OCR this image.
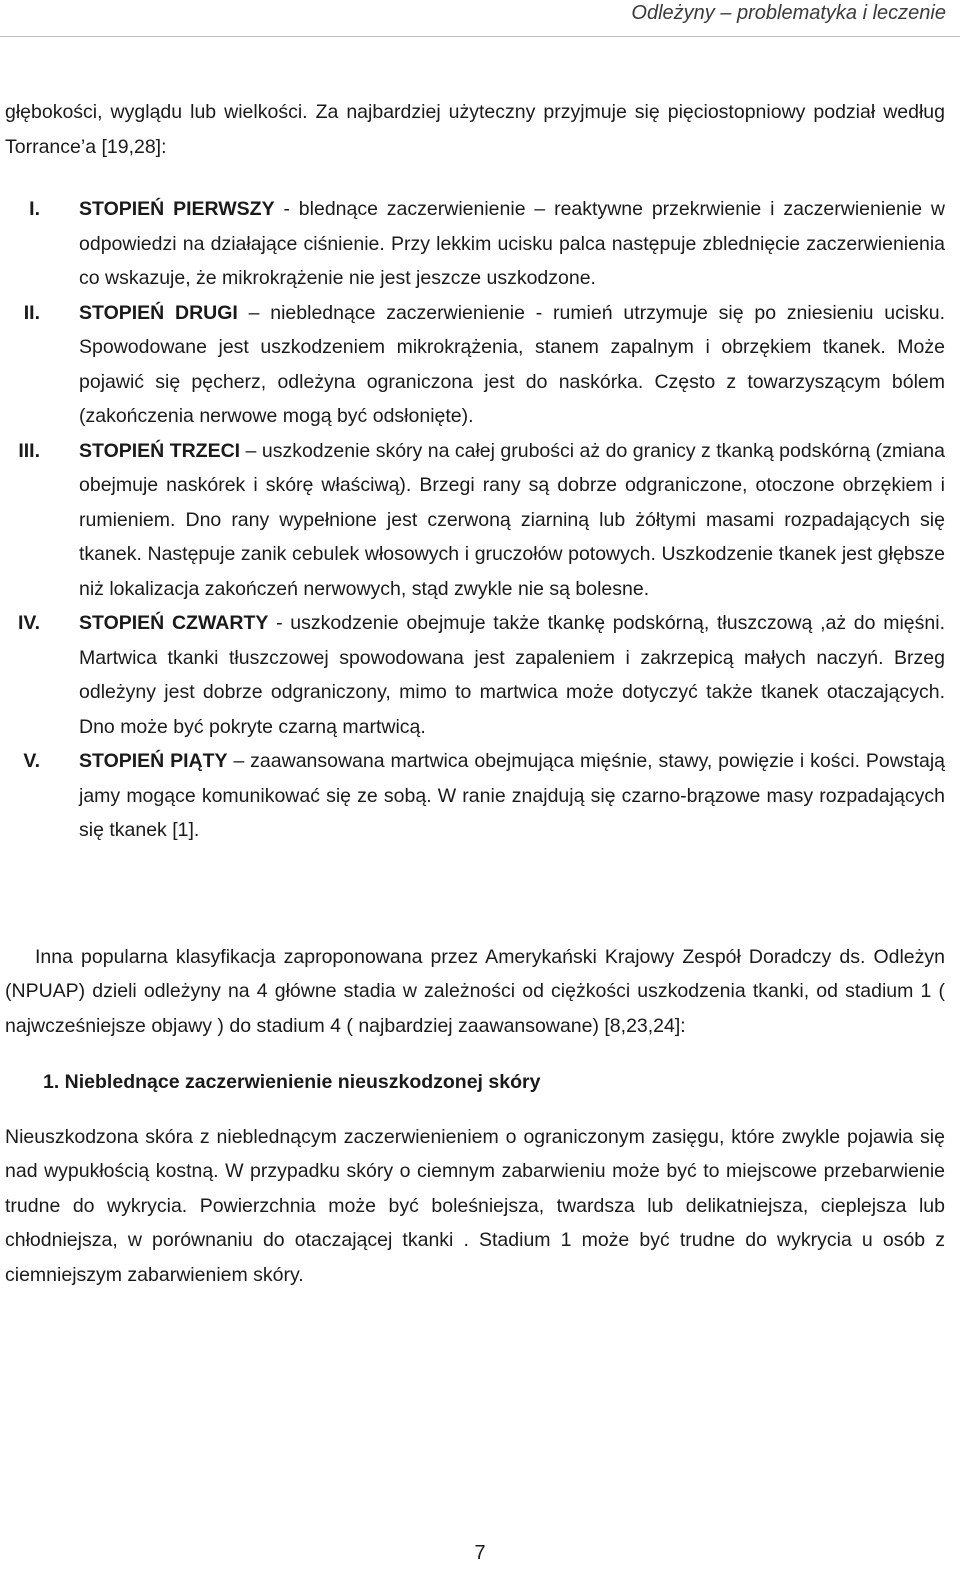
Odleżyny – problematyka i leczenie

głębokości, wyglądu lub wielkości. Za najbardziej użyteczny przyjmuje się pięciostopniowy podział według Torrance’a [19,28]:

I. STOPIEŃ PIERWSZY - blednące zaczerwienienie – reaktywne przekrwienie i zaczerwienienie w odpowiedzi na działające ciśnienie. Przy lekkim ucisku palca następuje zblednięcie zaczerwienienia co wskazuje, że mikrokrążenie nie jest jeszcze uszkodzone.
II. STOPIEŃ DRUGI – nieblednące zaczerwienienie - rumień utrzymuje się po zniesieniu ucisku. Spowodowane jest uszkodzeniem mikrokrążenia, stanem zapalnym i obrzękiem tkanek. Może pojawić się pęcherz, odleżyna ograniczona jest do naskórka. Często z towarzyszącym bólem (zakończenia nerwowe mogą być odsłonięte).
III. STOPIEŃ TRZECI – uszkodzenie skóry na całej grubości aż do granicy z tkanką podskórną (zmiana obejmuje naskórek i skórę właściwą). Brzegi rany są dobrze odgraniczone, otoczone obrzękiem i rumieniem. Dno rany wypełnione jest czerwoną ziarniną lub żółtymi masami rozpadających się tkanek. Następuje zanik cebulek włosowych i gruczołów potowych. Uszkodzenie tkanek jest głębsze niż lokalizacja zakończeń nerwowych, stąd zwykle nie są bolesne.
IV. STOPIEŃ CZWARTY - uszkodzenie obejmuje także tkankę podskórną, tłuszczową ,aż do mięśni. Martwica tkanki tłuszczowej spowodowana jest zapaleniem i zakrzepicą małych naczyń. Brzeg odleżyny jest dobrze odgraniczony, mimo to martwica może dotyczyć także tkanek otaczających. Dno może być pokryte czarną martwicą.
V. STOPIEŃ PIĄTY – zaawansowana martwica obejmująca mięśnie, stawy, powięzie i kości. Powstają jamy mogące komunikować się ze sobą. W ranie znajdują się czarno-brązowe masy rozpadających się tkanek [1].

Inna popularna klasyfikacja zaproponowana przez Amerykański Krajowy Zespół Doradczy ds. Odleżyn (NPUAP) dzieli odleżyny na 4 główne stadia w zależności od ciężkości uszkodzenia tkanki, od stadium 1 ( najwcześniejsze objawy ) do stadium 4 ( najbardziej zaawansowane) [8,23,24]:

1. Nieblednące zaczerwienienie nieuszkodzonej skóry

Nieuszkodzona skóra z nieblednącym zaczerwienieniem o ograniczonym zasięgu, które zwykle pojawia się nad wypukłością kostną. W przypadku skóry o ciemnym zabarwieniu może być to miejscowe przebarwienie trudne do wykrycia. Powierzchnia może być boleśniejsza, twardsza lub delikatniejsza, cieplejsza lub chłodniejsza, w porównaniu do otaczającej tkanki . Stadium 1 może być trudne do wykrycia u osób z ciemniejszym zabarwieniem skóry.

7
